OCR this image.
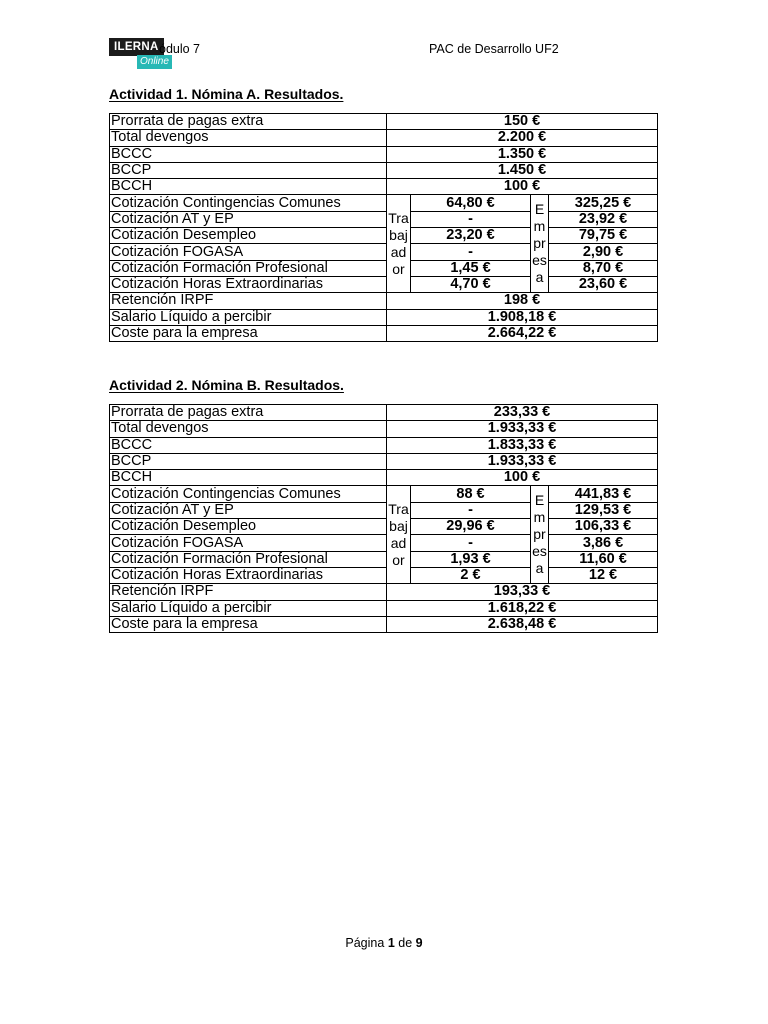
ILERNA
Online
ódulo 7	PAC de Desarrollo UF2
Actividad 1. Nómina A. Resultados.
Prorrata de pagas extra	150 €			
Total devengos	2.200 €			
BCCC	1.350 €			
BCCP	1.450 €			
BCCH	100 €			
Cotización Contingencias Comunes	Tra
baj
ad
or	64,80 €	E
m
pr
es
a	325,25 €
Cotización AT y EP		-		23,92 €
Cotización Desempleo		23,20 €		79,75 €
Cotización FOGASA		-		2,90 €
Cotización Formación Profesional		1,45 €		8,70 €
Cotización Horas Extraordinarias		4,70 €		23,60 €
Retención IRPF	198 €			
Salario Líquido a percibir	1.908,18 €			
Coste para la empresa	2.664,22 €			
Actividad 2. Nómina B. Resultados.
Prorrata de pagas extra	233,33 €			
Total devengos	1.933,33 €			
BCCC	1.833,33 €			
BCCP	1.933,33 €			
BCCH	100 €			
Cotización Contingencias Comunes	Tra
baj
ad
or	88 €	E
m
pr
es
a	441,83 €
Cotización AT y EP		-		129,53 €
Cotización Desempleo		29,96 €		106,33 €
Cotización FOGASA		-		3,86 €
Cotización Formación Profesional		1,93 €		11,60 €
Cotización Horas Extraordinarias		2 €		12 €
Retención IRPF	193,33 €			
Salario Líquido a percibir	1.618,22 €			
Coste para la empresa	2.638,48 €			
Página 1 de 9
